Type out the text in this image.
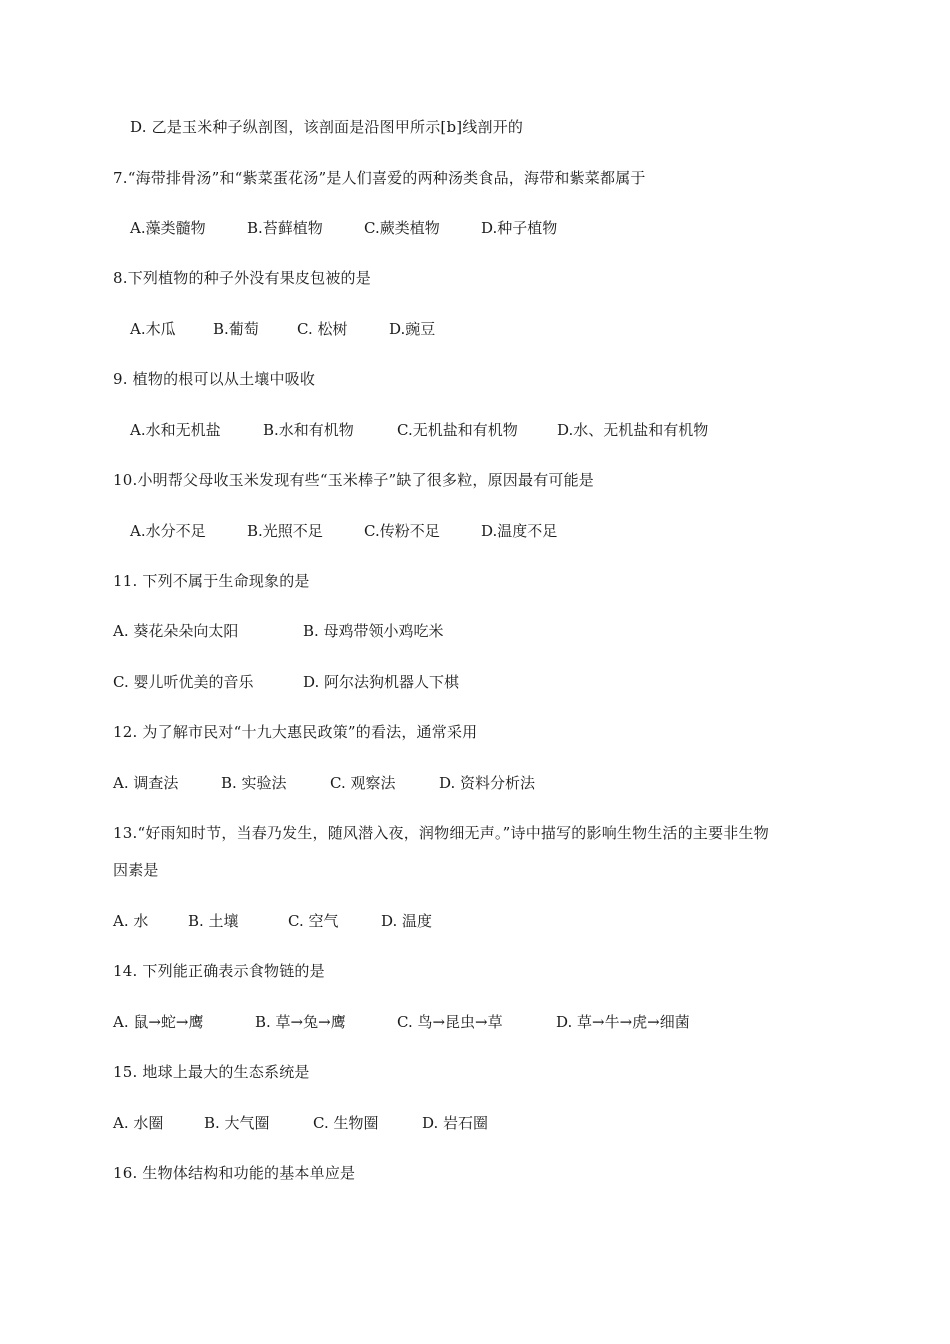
D. 乙是玉米种子纵剖图，该剖面是沿图甲所示[b]线剖开的
7.“海带排骨汤”和“紫菜蛋花汤”是人们喜爱的两种汤类食品，海带和紫菜都属于
A.藻类髓物	B.苔藓植物	C.蕨类植物	D.种子植物
8.下列植物的种子外没有果皮包被的是
A.木瓜 B.葡萄	C. 松树	D.豌豆
9. 植物的根可以从土壤中吸收
A.水和无机盐	B.水和有机物	C.无机盐和有机物	D.水、无机盐和有机物
10.小明帮父母收玉米发现有些“玉米棒子”缺了很多粒，原因最有可能是
A.水分不足	B.光照不足	C.传粉不足	D.温度不足
11. 下列不属于生命现象的是
A. 葵花朵朵向太阳	B. 母鸡带领小鸡吃米
C. 婴儿听优美的音乐	D. 阿尔法狗机器人下棋
12. 为了解市民对“十九大惠民政策”的看法，通常采用
A. 调查法	B. 实验法	C. 观察法	D. 资料分析法
13.“好雨知时节，当春乃发生，随风潜入夜，润物细无声。”诗中描写的影响生物生活的主要非生物
因素是
A. 水	B. 土壤	C. 空气	D. 温度
14. 下列能正确表示食物链的是
A. 鼠→蛇→鹰	B. 草→兔→鹰	C. 鸟→昆虫→草	D. 草→牛→虎→细菌
15. 地球上最大的生态系统是
A. 水圈	B. 大气圈	C. 生物圈	D. 岩石圈
16. 生物体结构和功能的基本单应是
